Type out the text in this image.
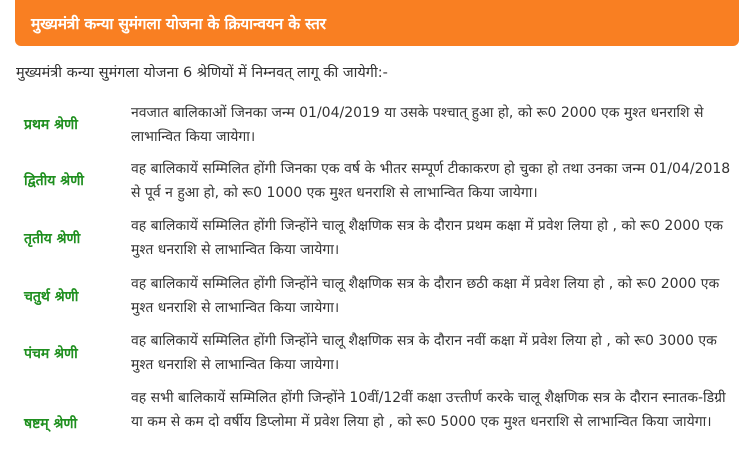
मुख्यमंत्री कन्या सुमंगला योजना के क्रियान्वयन के स्तर
मुख्यमंत्री कन्या सुमंगला योजना 6 श्रेणियों में निम्नवत् लागू की जायेगी:-
प्रथम श्रेणी
नवजात बालिकाओं जिनका जन्म 01/04/2019 या उसके पश्चात् हुआ हो, को रू0 2000 एक मुश्त धनराशि से लाभान्वित किया जायेगा।
द्वितीय श्रेणी
वह बालिकायें सम्मिलित होंगी जिनका एक वर्ष के भीतर सम्पूर्ण टीकाकरण हो चुका हो तथा उनका जन्म 01/04/2018 से पूर्व न हुआ हो, को रू0 1000 एक मुश्त धनराशि से लाभान्वित किया जायेगा।
तृतीय श्रेणी
वह बालिकायें सम्मिलित होंगी जिन्होंने चालू शैक्षणिक सत्र के दौरान प्रथम कक्षा में प्रवेश लिया हो , को रू0 2000 एक मुश्त धनराशि से लाभान्वित किया जायेगा।
चतुर्थ श्रेणी
वह बालिकायें सम्मिलित होंगी जिन्होंने चालू शैक्षणिक सत्र के दौरान छठी कक्षा में प्रवेश लिया हो , को रू0 2000 एक मुश्त धनराशि से लाभान्वित किया जायेगा।
पंचम श्रेणी
वह बालिकायें सम्मिलित होंगी जिन्होंने चालू शैक्षणिक सत्र के दौरान नवीं कक्षा में प्रवेश लिया हो , को रू0 3000 एक मुश्त धनराशि से लाभान्वित किया जायेगा।
षष्टम् श्रेणी
वह सभी बालिकायें सम्मिलित होंगी जिन्होंने 10वीं/12वीं कक्षा उत्त्तीर्ण करके चालू शैक्षणिक सत्र के दौरान स्नातक-डिग्री या कम से कम दो वर्षीय डिप्लोमा में प्रवेश लिया हो , को रू0 5000 एक मुश्त धनराशि से लाभान्वित किया जायेगा।
